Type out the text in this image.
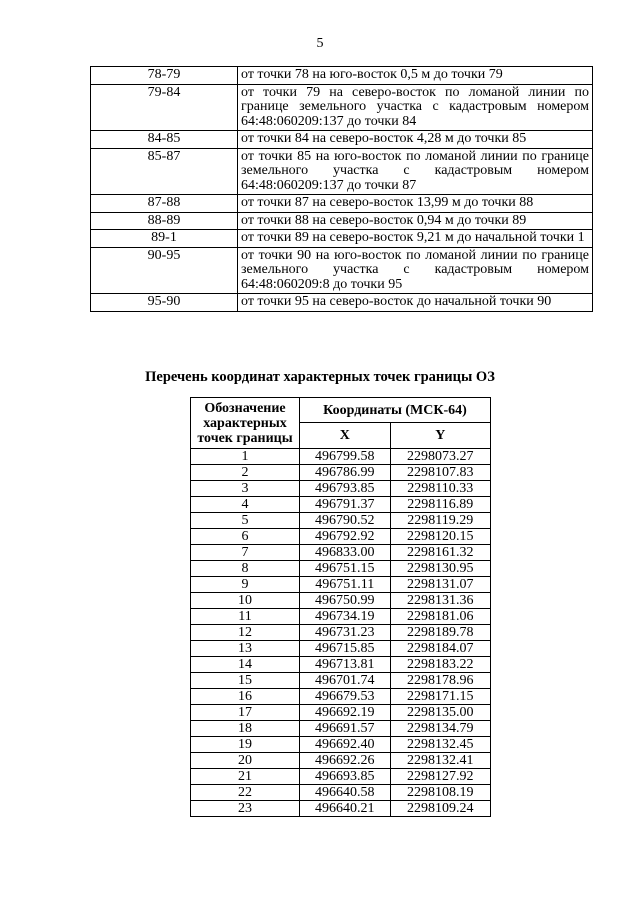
5
78-79	от точки 78 на юго-восток 0,5 м до точки 79
79-84	от точки 79 на северо-восток по ломаной линии по границе земельного участка с кадастровым номером 64:48:060209:137 до точки 84
84-85	от точки 84 на северо-восток 4,28 м до точки 85
85-87	от точки 85 на юго-восток по ломаной линии по границе земельного участка с кадастровым номером 64:48:060209:137 до точки 87
87-88	от точки 87 на северо-восток 13,99 м до точки 88
88-89	от точки 88 на северо-восток 0,94 м до точки 89
89-1	от точки 89 на северо-восток 9,21 м до начальной точки 1
90-95	от точки 90 на юго-восток по ломаной линии по границе земельного участка с кадастровым номером 64:48:060209:8 до точки 95
95-90	от точки 95 на северо-восток до начальной точки 90
Перечень координат характерных точек границы ОЗ
Обозначение характерных точек границы	Координаты (МСК-64)	
	X	Y
1	496799.58	2298073.27
2	496786.99	2298107.83
3	496793.85	2298110.33
4	496791.37	2298116.89
5	496790.52	2298119.29
6	496792.92	2298120.15
7	496833.00	2298161.32
8	496751.15	2298130.95
9	496751.11	2298131.07
10	496750.99	2298131.36
11	496734.19	2298181.06
12	496731.23	2298189.78
13	496715.85	2298184.07
14	496713.81	2298183.22
15	496701.74	2298178.96
16	496679.53	2298171.15
17	496692.19	2298135.00
18	496691.57	2298134.79
19	496692.40	2298132.45
20	496692.26	2298132.41
21	496693.85	2298127.92
22	496640.58	2298108.19
23	496640.21	2298109.24
